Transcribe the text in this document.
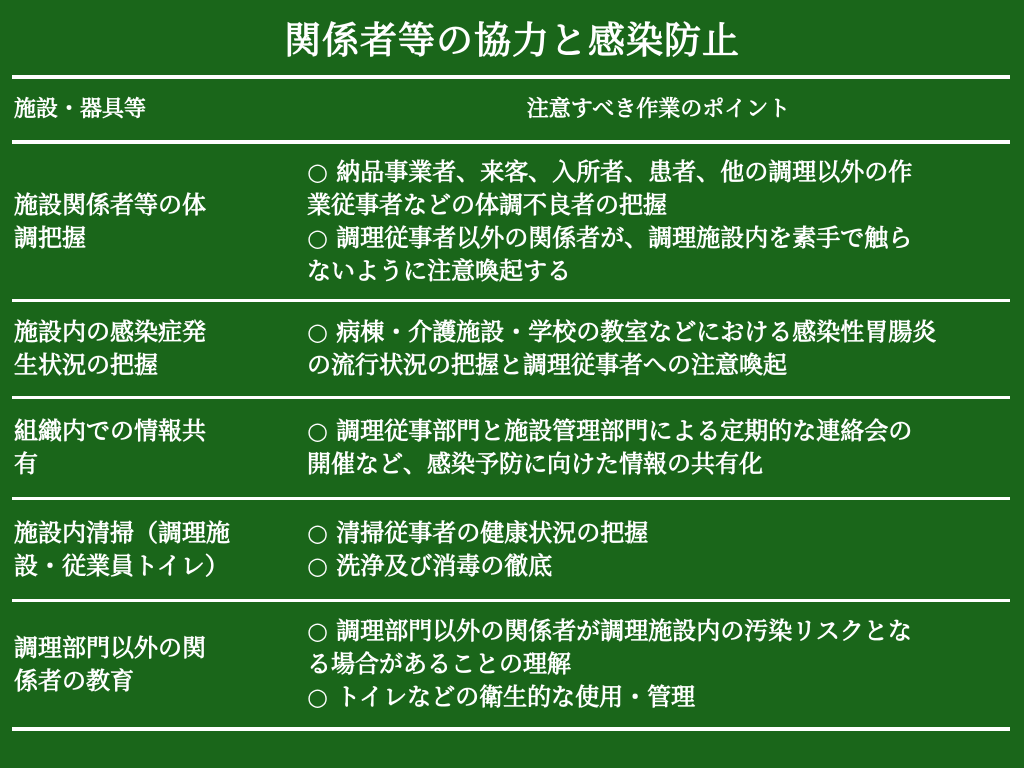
関係者等の協力と感染防止
施設・器具等	注意すべき作業のポイント
施設関係者等の体
調把握
○ 納品事業者、来客、入所者、患者、他の調理以外の作
業従事者などの体調不良者の把握
○ 調理従事者以外の関係者が、調理施設内を素手で触ら
ないように注意喚起する
施設内の感染症発
生状況の把握
○ 病棟・介護施設・学校の教室などにおける感染性胃腸炎
の流行状況の把握と調理従事者への注意喚起
組織内での情報共
有
○ 調理従事部門と施設管理部門による定期的な連絡会の
開催など、感染予防に向けた情報の共有化
施設内清掃（調理施
設・従業員トイレ）
○ 清掃従事者の健康状況の把握
○ 洗浄及び消毒の徹底
調理部門以外の関
係者の教育
○ 調理部門以外の関係者が調理施設内の汚染リスクとな
る場合があることの理解
○ トイレなどの衛生的な使用・管理
